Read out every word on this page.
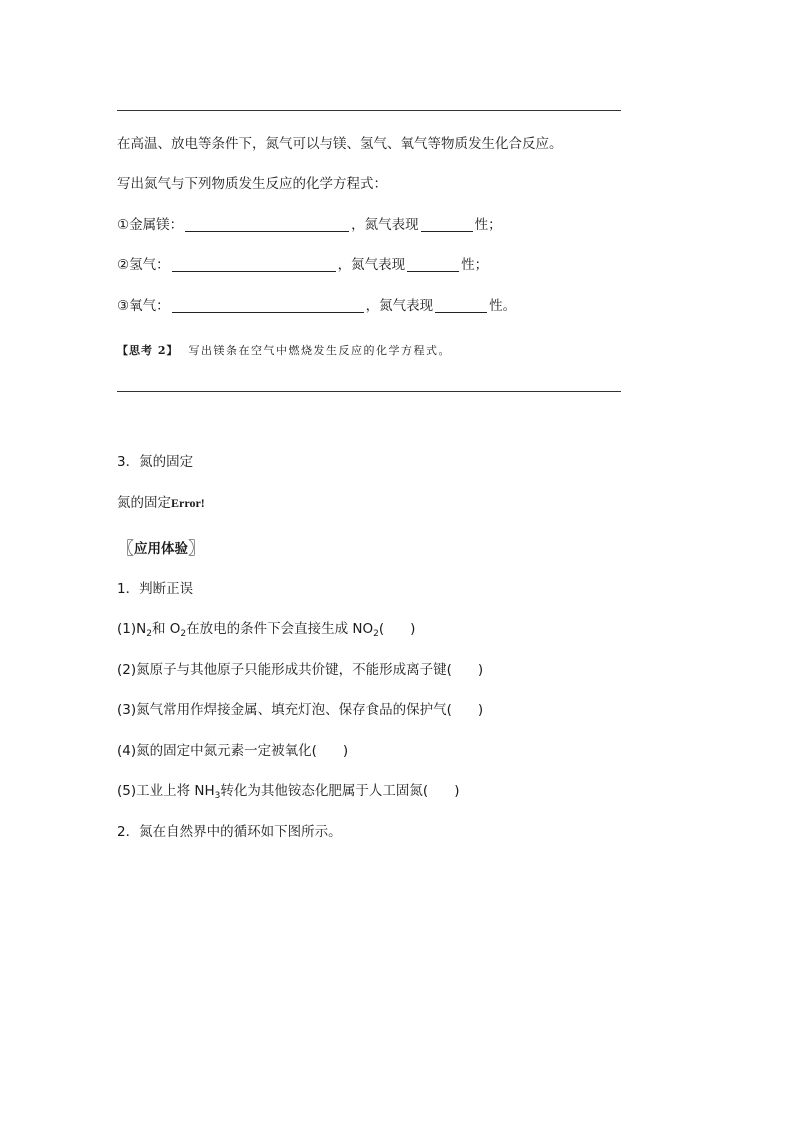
在高温、放电等条件下，氮气可以与镁、氢气、氧气等物质发生化合反应。
写出氮气与下列物质发生反应的化学方程式：
①金属镁：	，氮气表现	性；
②氢气：	，氮气表现	性；
③氧气：	，氮气表现	性。
【思考 2】 写出镁条在空气中燃烧发生反应的化学方程式。
3．氮的固定
氮的固定Error!
〖应用体验〗
1．判断正误
$(1)N_2$和 $O_2$在放电的条件下会直接生成 $NO_2$( )
(2)氮原子与其他原子只能形成共价键，不能形成离子键( )
(3)氮气常用作焊接金属、填充灯泡、保存食品的保护气( )
(4)氮的固定中氮元素一定被氧化( )
(5)工业上将 $NH_3$转化为其他铵态化肥属于人工固氮( )
2．氮在自然界中的循环如下图所示。
